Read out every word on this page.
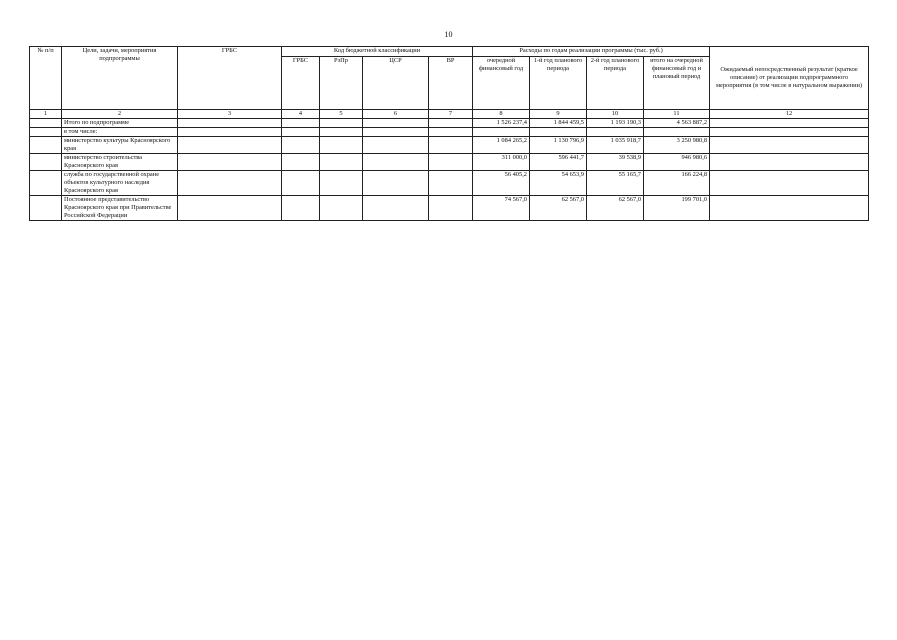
10
№ п/п	Цели, задачи, мероприятия подпрограммы	ГРБС	Код бюджетной классификации				Расходы по годам реализации программы (тыс. руб.)				Ожидаемый непосредственный результат (краткое описание) от реализации подпрограммного мероприятия (в том числе в натуральном выражении)
			ГРБС	РзПр	ЦСР	ВР	очередной финансовый год	1-й год планового периода	2-й год планового периода	итого на очередной финансовый год и плановый период	
1	2	3	4	5	6	7	8	9	10	11	12
	Итого по подпрограмме						1 526 237,4	1 844 459,5	1 193 190,3	4 563 887,2	
	в том числе:										
	министерство культуры Красноярского края						1 084 265,2	1 130 796,9	1 035 918,7	3 250 980,8	
	министерство строительства Красноярского края						311 000,0	596 441,7	39 538,9	946 980,6	
	служба по государственной охране объектов культурного наследия Красноярского края						56 405,2	54 653,9	55 165,7	166 224,8	
	Постоянное представительство Красноярского края при Правительстве Российской Федерации						74 567,0	62 567,0	62 567,0	199 701,0	
